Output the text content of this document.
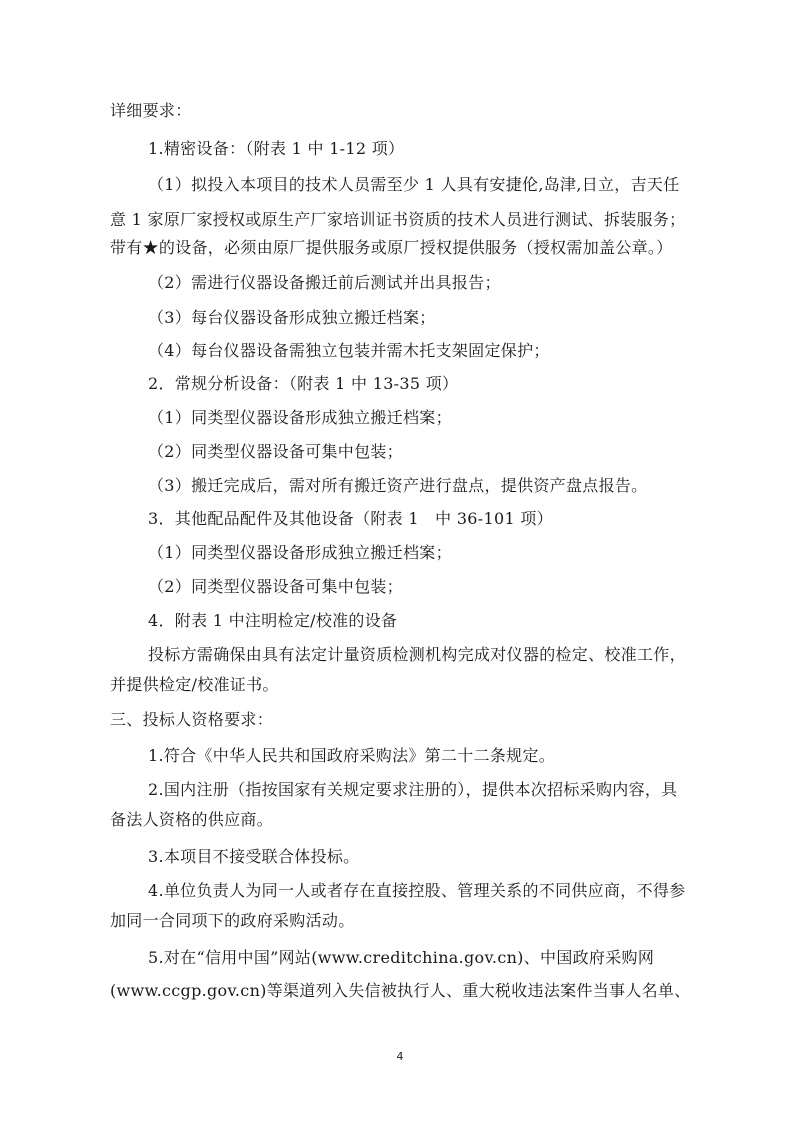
详细要求：
1.精密设备：（附表 1 中 1-12 项）
（1）拟投入本项目的技术人员需至少 1 人具有安捷伦,岛津,日立，吉天任
意 1 家原厂家授权或原生产厂家培训证书资质的技术人员进行测试、拆装服务；
带有★的设备，必须由原厂提供服务或原厂授权提供服务（授权需加盖公章。）
（2）需进行仪器设备搬迁前后测试并出具报告；
（3）每台仪器设备形成独立搬迁档案；
（4）每台仪器设备需独立包装并需木托支架固定保护；
2．常规分析设备：（附表 1 中 13-35 项）
（1）同类型仪器设备形成独立搬迁档案；
（2）同类型仪器设备可集中包装；
（3）搬迁完成后，需对所有搬迁资产进行盘点，提供资产盘点报告。
3．其他配品配件及其他设备（附表 1　中 36-101 项）
（1）同类型仪器设备形成独立搬迁档案；
（2）同类型仪器设备可集中包装；
4．附表 1 中注明检定/校准的设备
投标方需确保由具有法定计量资质检测机构完成对仪器的检定、校准工作，
并提供检定/校准证书。
三、投标人资格要求：
1.符合《中华人民共和国政府采购法》第二十二条规定。
2.国内注册（指按国家有关规定要求注册的），提供本次招标采购内容，具
备法人资格的供应商。
3.本项目不接受联合体投标。
4.单位负责人为同一人或者存在直接控股、管理关系的不同供应商，不得参
加同一合同项下的政府采购活动。
5.对在“信用中国”网站(www.creditchina.gov.cn)、中国政府采购网
(www.ccgp.gov.cn)等渠道列入失信被执行人、重大税收违法案件当事人名单、
4
